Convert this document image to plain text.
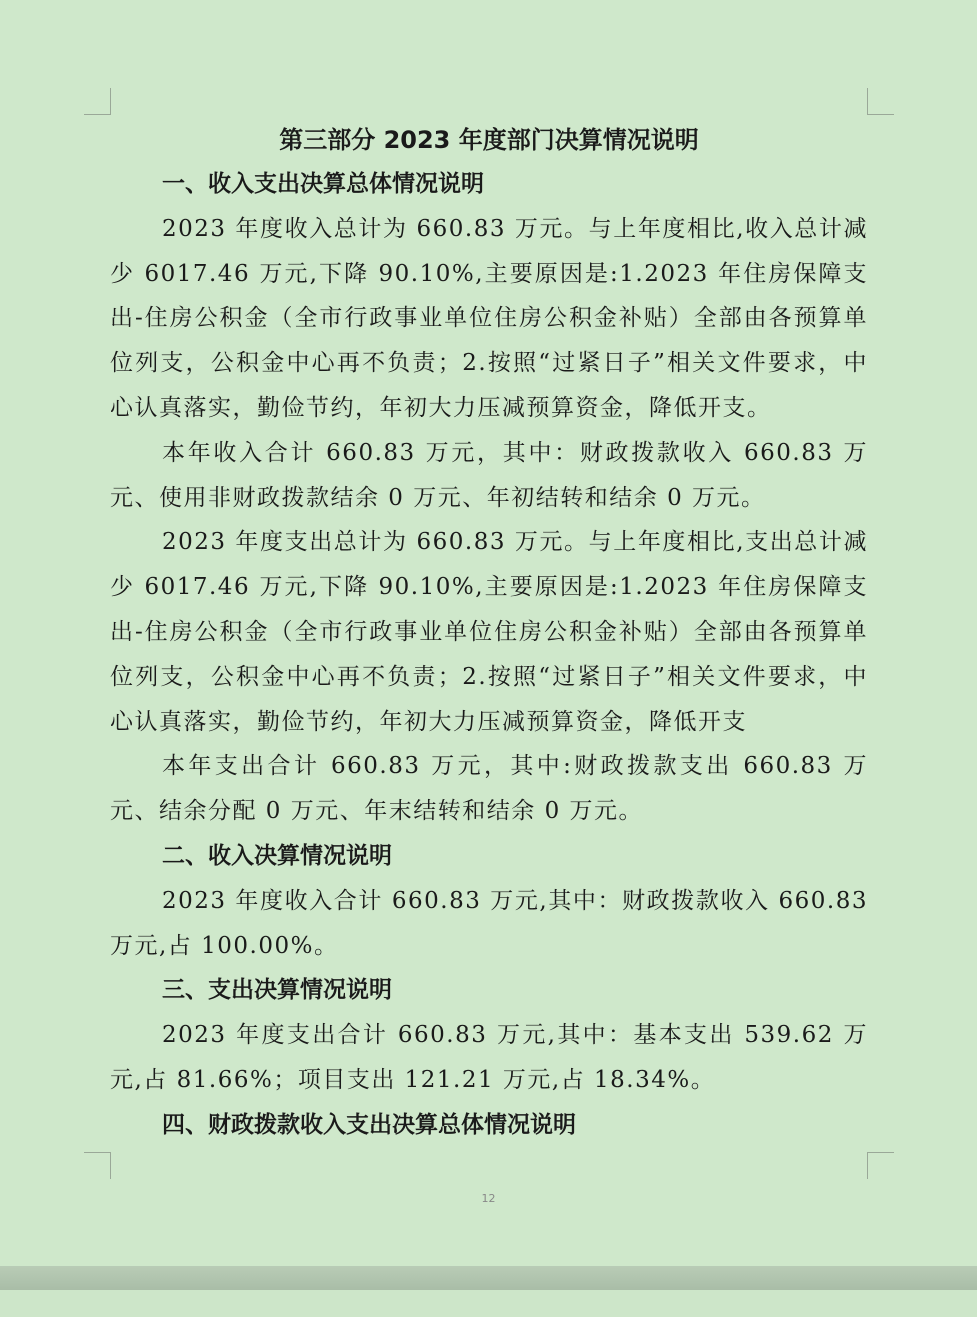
第三部分 2023 年度部门决算情况说明
一、收入支出决算总体情况说明

2023 年度收入总计为 660.83 万元。与上年度相比,收入总计减少 6017.46 万元,下降 90.10%,主要原因是:1.2023 年住房保障支出-住房公积金（全市行政事业单位住房公积金补贴）全部由各预算单位列支，公积金中心再不负责；2.按照“过紧日子”相关文件要求，中心认真落实，勤俭节约，年初大力压减预算资金，降低开支。

本年收入合计 660.83 万元，其中：财政拨款收入 660.83 万元、使用非财政拨款结余 0 万元、年初结转和结余 0 万元。

2023 年度支出总计为 660.83 万元。与上年度相比,支出总计减少 6017.46 万元,下降 90.10%,主要原因是:1.2023 年住房保障支出-住房公积金（全市行政事业单位住房公积金补贴）全部由各预算单位列支，公积金中心再不负责；2.按照“过紧日子”相关文件要求，中心认真落实，勤俭节约，年初大力压减预算资金，降低开支

本年支出合计 660.83 万元，其中:财政拨款支出 660.83 万元、结余分配 0 万元、年末结转和结余 0 万元。

二、收入决算情况说明

2023 年度收入合计 660.83 万元,其中：财政拨款收入 660.83 万元,占 100.00%。

三、支出决算情况说明

2023 年度支出合计 660.83 万元,其中：基本支出 539.62 万元,占 81.66%；项目支出 121.21 万元,占 18.34%。

四、财政拨款收入支出决算总体情况说明
12
